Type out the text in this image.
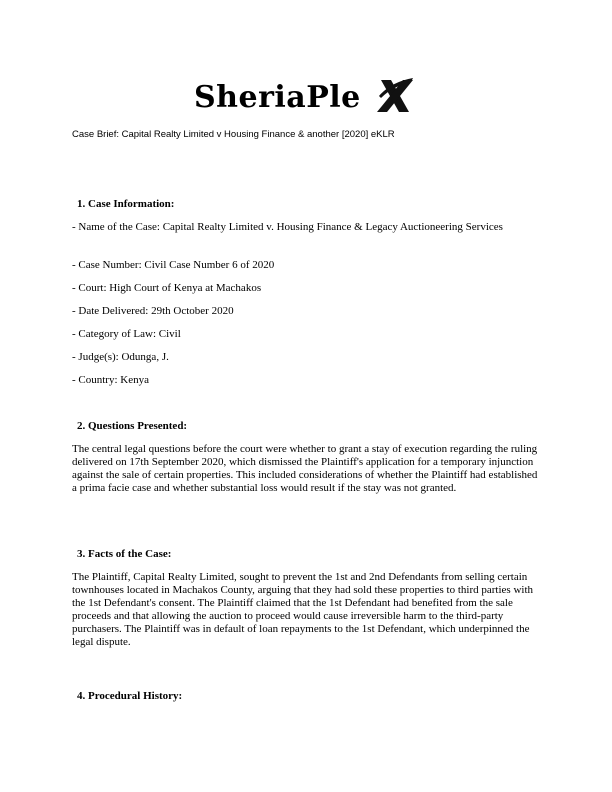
SheriaPle
Case Brief: Capital Realty Limited v Housing Finance & another [2020] eKLR
1. Case Information:
- Name of the Case: Capital Realty Limited v. Housing Finance & Legacy Auctioneering Services
- Case Number: Civil Case Number 6 of 2020
- Court: High Court of Kenya at Machakos
- Date Delivered: 29th October 2020
- Category of Law: Civil
- Judge(s): Odunga, J.
- Country: Kenya
2. Questions Presented:
The central legal questions before the court were whether to grant a stay of execution regarding the ruling delivered on 17th September 2020, which dismissed the Plaintiff's application for a temporary injunction against the sale of certain properties. This included considerations of whether the Plaintiff had established a prima facie case and whether substantial loss would result if the stay was not granted.
3. Facts of the Case:
The Plaintiff, Capital Realty Limited, sought to prevent the 1st and 2nd Defendants from selling certain townhouses located in Machakos County, arguing that they had sold these properties to third parties with the 1st Defendant's consent. The Plaintiff claimed that the 1st Defendant had benefited from the sale proceeds and that allowing the auction to proceed would cause irreversible harm to the third-party purchasers. The Plaintiff was in default of loan repayments to the 1st Defendant, which underpinned the legal dispute.
4. Procedural History:
